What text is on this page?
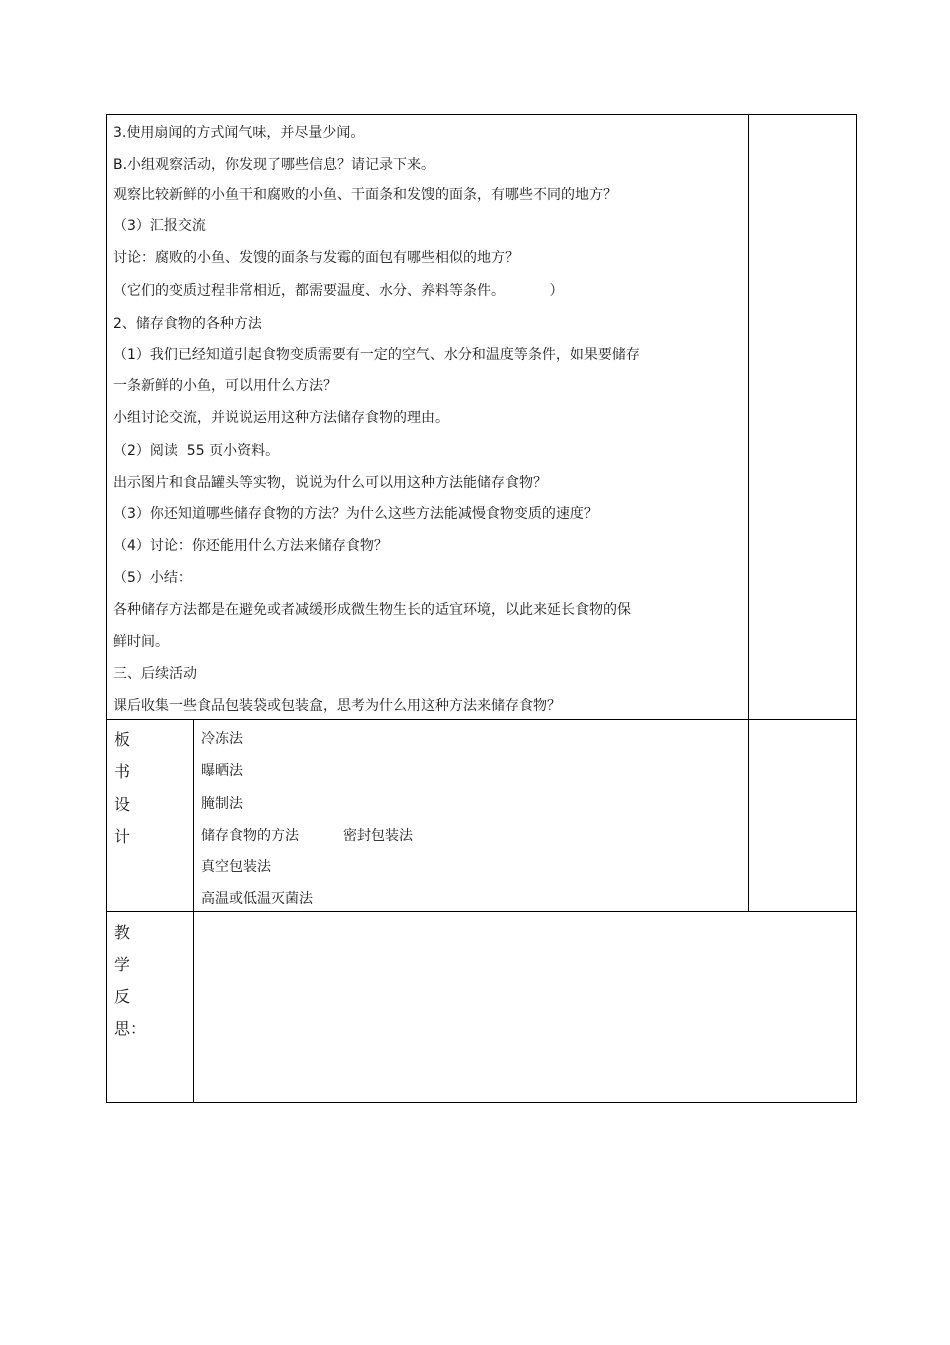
3.使用扇闻的方式闻气味，并尽量少闻。
B.小组观察活动，你发现了哪些信息？请记录下来。
观察比较新鲜的小鱼干和腐败的小鱼、干面条和发馊的面条，有哪些不同的地方？
（3）汇报交流
讨论：腐败的小鱼、发馊的面条与发霉的面包有哪些相似的地方？
（它们的变质过程非常相近，都需要温度、水分、养料等条件。          ）
2、储存食物的各种方法
（1）我们已经知道引起食物变质需要有一定的空气、水分和温度等条件，如果要储存
一条新鲜的小鱼，可以用什么方法？
小组讨论交流，并说说运用这种方法储存食物的理由。
（2）阅读  55 页小资料。
出示图片和食品罐头等实物，说说为什么可以用这种方法能储存食物？
（3）你还知道哪些储存食物的方法？为什么这些方法能减慢食物变质的速度？
（4）讨论：你还能用什么方法来储存食物？
（5）小结：
各种储存方法都是在避免或者减缓形成微生物生长的适宜环境，以此来延长食物的保
鲜时间。
三、后续活动
课后收集一些食品包装袋或包装盒，思考为什么用这种方法来储存食物？
板
书
设
计
冷冻法
曝晒法
腌制法
储存食物的方法	密封包装法
真空包装法
高温或低温灭菌法
教
学
反
思：
